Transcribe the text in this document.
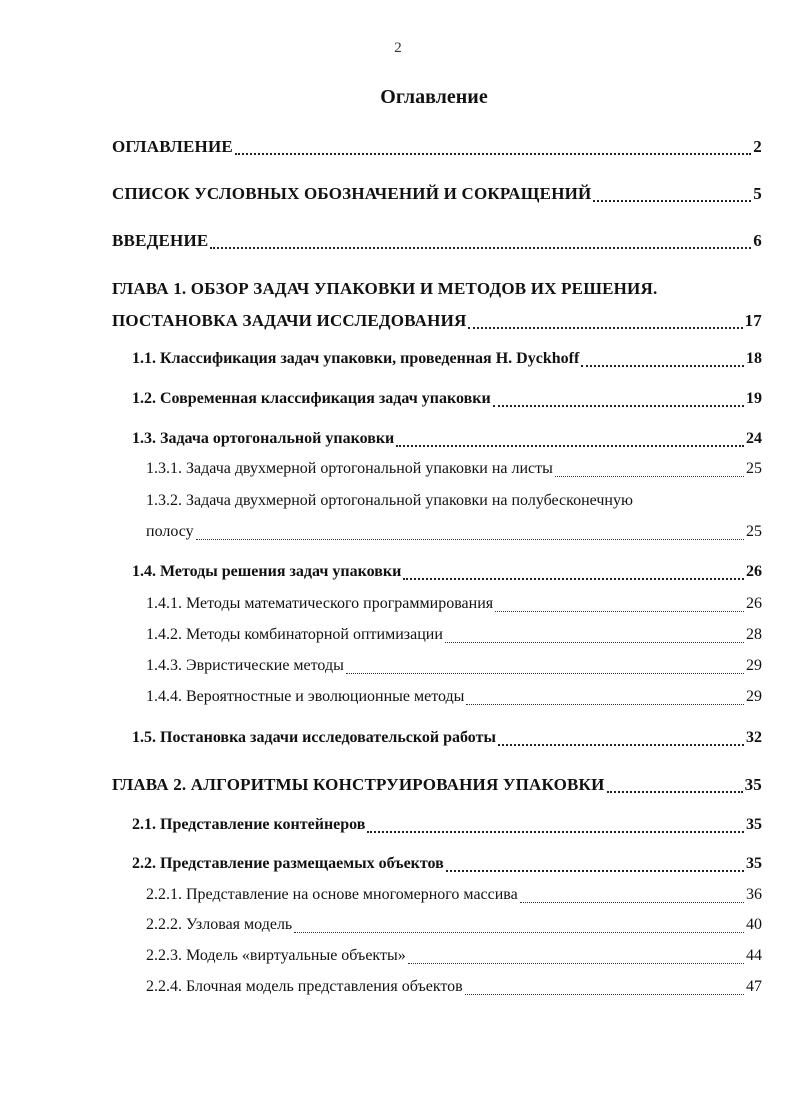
2
Оглавление
ОГЛАВЛЕНИЕ	2
СПИСОК УСЛОВНЫХ ОБОЗНАЧЕНИЙ И СОКРАЩЕНИЙ	5
ВВЕДЕНИЕ	6
ГЛАВА 1. ОБЗОР ЗАДАЧ УПАКОВКИ И МЕТОДОВ ИХ РЕШЕНИЯ.
ПОСТАНОВКА ЗАДАЧИ ИССЛЕДОВАНИЯ	17
1.1. Классификация задач упаковки, проведенная H. Dyckhoff	18
1.2. Современная классификация задач упаковки	19
1.3. Задача ортогональной упаковки	24
1.3.1. Задача двухмерной ортогональной упаковки на листы	25
1.3.2. Задача двухмерной ортогональной упаковки на полубесконечную
полосу	25
1.4. Методы решения задач упаковки	26
1.4.1. Методы математического программирования	26
1.4.2. Методы комбинаторной оптимизации	28
1.4.3. Эвристические методы	29
1.4.4. Вероятностные и эволюционные методы	29
1.5. Постановка задачи исследовательской работы	32
ГЛАВА 2. АЛГОРИТМЫ КОНСТРУИРОВАНИЯ УПАКОВКИ	35
2.1. Представление контейнеров	35
2.2. Представление размещаемых объектов	35
2.2.1. Представление на основе многомерного массива	36
2.2.2. Узловая модель	40
2.2.3. Модель «виртуальные объекты»	44
2.2.4. Блочная модель представления объектов	47
